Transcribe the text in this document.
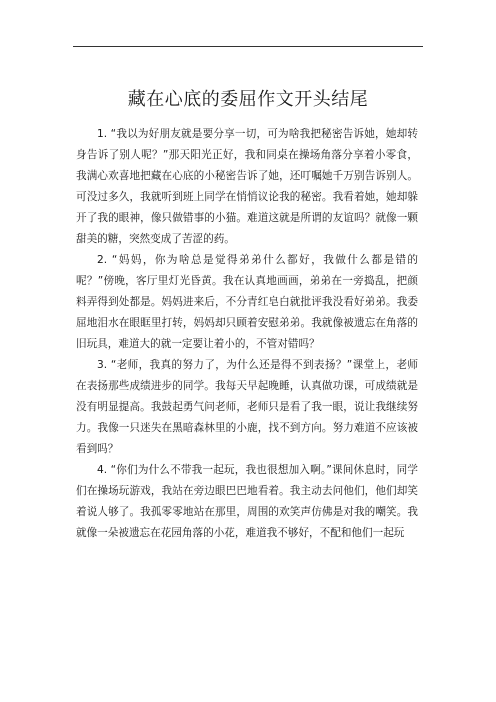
藏在心底的委屈作文开头结尾

1. “我以为好朋友就是要分享一切，可为啥我把秘密告诉她，她却转身告诉了别人呢？”那天阳光正好，我和同桌在操场角落分享着小零食，我满心欢喜地把藏在心底的小秘密告诉了她，还叮嘱她千万别告诉别人。可没过多久，我就听到班上同学在悄悄议论我的秘密。我看着她，她却躲开了我的眼神，像只做错事的小猫。难道这就是所谓的友谊吗？就像一颗甜美的糖，突然变成了苦涩的药。

2. “妈妈，你为啥总是觉得弟弟什么都好，我做什么都是错的呢？”傍晚，客厅里灯光昏黄。我在认真地画画，弟弟在一旁捣乱，把颜料弄得到处都是。妈妈进来后，不分青红皂白就批评我没看好弟弟。我委屈地泪水在眼眶里打转，妈妈却只顾着安慰弟弟。我就像被遗忘在角落的旧玩具，难道大的就一定要让着小的，不管对错吗？

3. “老师，我真的努力了，为什么还是得不到表扬？”课堂上，老师在表扬那些成绩进步的同学。我每天早起晚睡，认真做功课，可成绩就是没有明显提高。我鼓起勇气问老师，老师只是看了我一眼，说让我继续努力。我像一只迷失在黑暗森林里的小鹿，找不到方向。努力难道不应该被看到吗？

4. “你们为什么不带我一起玩，我也很想加入啊。”课间休息时，同学们在操场玩游戏，我站在旁边眼巴巴地看着。我主动去问他们，他们却笑着说人够了。我孤零零地站在那里，周围的欢笑声仿佛是对我的嘲笑。我就像一朵被遗忘在花园角落的小花，难道我不够好，不配和他们一起玩
